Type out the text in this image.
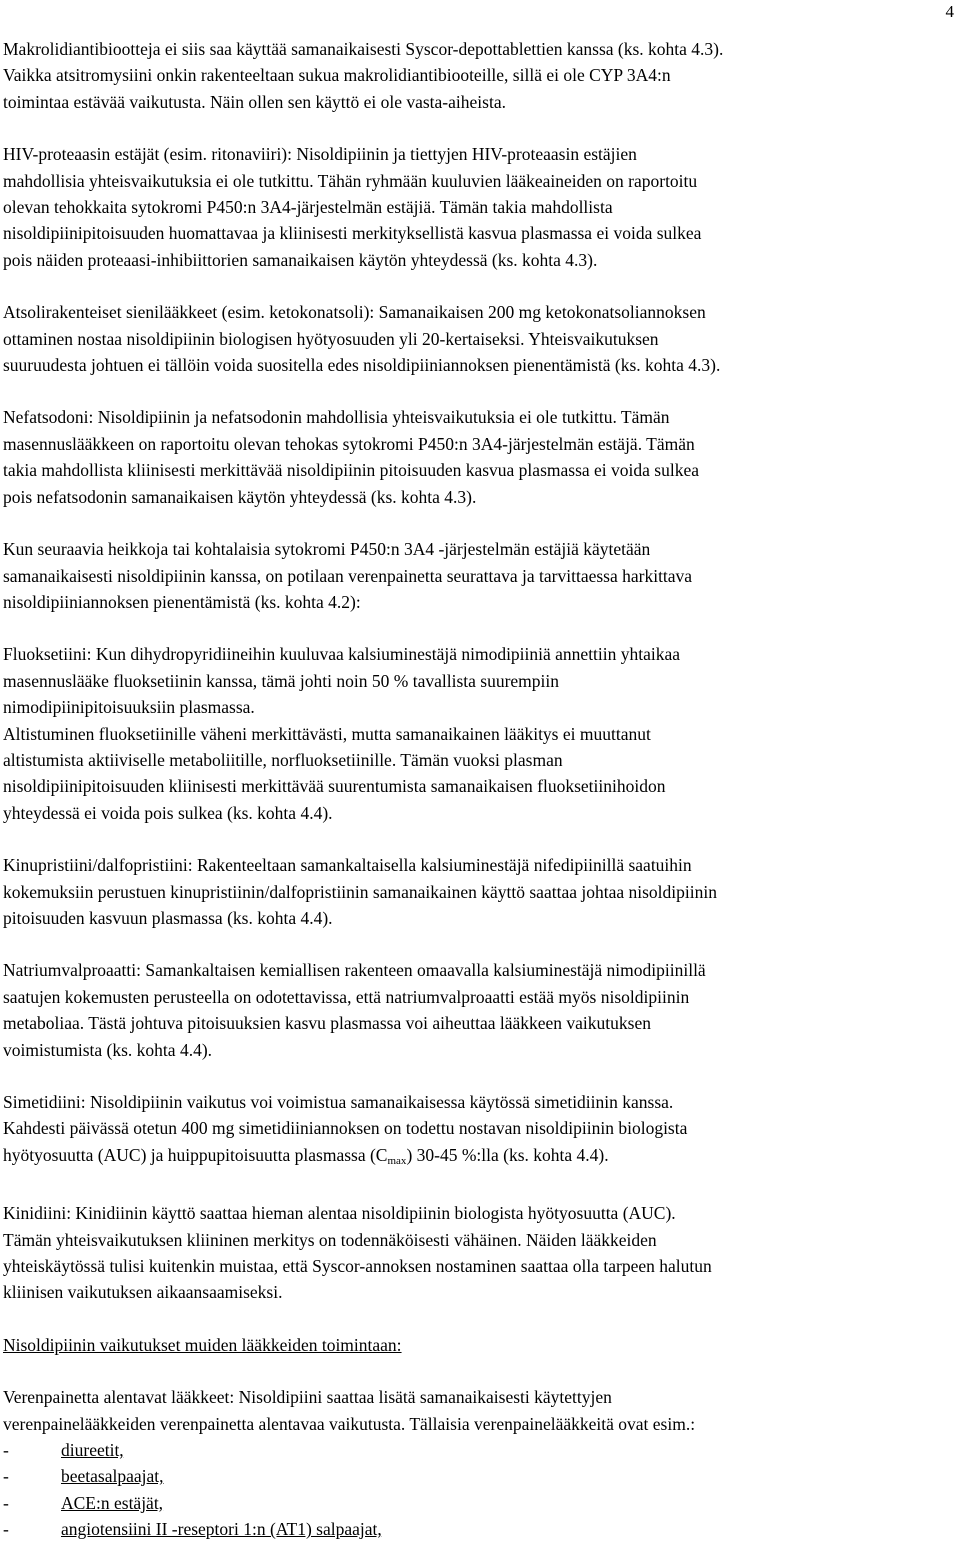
4

Makrolidiantibiootteja ei siis saa käyttää samanaikaisesti Syscor-depottablettien kanssa (ks. kohta 4.3).
Vaikka atsitromysiini onkin rakenteeltaan sukua makrolidiantibiooteille, sillä ei ole CYP 3A4:n
toimintaa estävää vaikutusta. Näin ollen sen käyttö ei ole vasta-aiheista.

HIV-proteaasin estäjät (esim. ritonaviiri): Nisoldipiinin ja tiettyjen HIV-proteaasin estäjien
mahdollisia yhteisvaikutuksia ei ole tutkittu. Tähän ryhmään kuuluvien lääkeaineiden on raportoitu
olevan tehokkaita sytokromi P450:n 3A4-järjestelmän estäjiä. Tämän takia mahdollista
nisoldipiinipitoisuuden huomattavaa ja kliinisesti merkityksellistä kasvua plasmassa ei voida sulkea
pois näiden proteaasi-inhibiittorien samanaikaisen käytön yhteydessä (ks. kohta 4.3).

Atsolirakenteiset sienilääkkeet (esim. ketokonatsoli): Samanaikaisen 200 mg ketokonatsoliannoksen
ottaminen nostaa nisoldipiinin biologisen hyötyosuuden yli 20-kertaiseksi. Yhteisvaikutuksen
suuruudesta johtuen ei tällöin voida suositella edes nisoldipiiniannoksen pienentämistä (ks. kohta 4.3).

Nefatsodoni: Nisoldipiinin ja nefatsodonin mahdollisia yhteisvaikutuksia ei ole tutkittu. Tämän
masennuslääkkeen on raportoitu olevan tehokas sytokromi P450:n 3A4-järjestelmän estäjä. Tämän
takia mahdollista kliinisesti merkittävää nisoldipiinin pitoisuuden kasvua plasmassa ei voida sulkea
pois nefatsodonin samanaikaisen käytön yhteydessä (ks. kohta 4.3).

Kun seuraavia heikkoja tai kohtalaisia sytokromi P450:n 3A4 -järjestelmän estäjiä käytetään
samanaikaisesti nisoldipiinin kanssa, on potilaan verenpainetta seurattava ja tarvittaessa harkittava
nisoldipiiniannoksen pienentämistä (ks. kohta 4.2):

Fluoksetiini: Kun dihydropyridiineihin kuuluvaa kalsiuminestäjä nimodipiiniä annettiin yhtaikaa
masennuslääke fluoksetiinin kanssa, tämä johti noin 50 % tavallista suurempiin
nimodipiinipitoisuuksiin plasmassa.

Altistuminen fluoksetiinille väheni merkittävästi, mutta samanaikainen lääkitys ei muuttanut
altistumista aktiiviselle metaboliitille, norfluoksetiinille. Tämän vuoksi plasman
nisoldipiinipitoisuuden kliinisesti merkittävää suurentumista samanaikaisen fluoksetiinihoidon
yhteydessä ei voida pois sulkea (ks. kohta 4.4).

Kinupristiini/dalfopristiini: Rakenteeltaan samankaltaisella kalsiuminestäjä nifedipiinillä saatuihin
kokemuksiin perustuen kinupristiinin/dalfopristiinin samanaikainen käyttö saattaa johtaa nisoldipiinin
pitoisuuden kasvuun plasmassa (ks. kohta 4.4).

Natriumvalproaatti: Samankaltaisen kemiallisen rakenteen omaavalla kalsiuminestäjä nimodipiinillä
saatujen kokemusten perusteella on odotettavissa, että natriumvalproaatti estää myös nisoldipiinin
metaboliaa. Tästä johtuva pitoisuuksien kasvu plasmassa voi aiheuttaa lääkkeen vaikutuksen
voimistumista (ks. kohta 4.4).

Simetidiini: Nisoldipiinin vaikutus voi voimistua samanaikaisessa käytössä simetidiinin kanssa.
Kahdesti päivässä otetun 400 mg simetidiiniannoksen on todettu nostavan nisoldipiinin biologista
hyötyosuutta (AUC) ja huippupitoisuutta plasmassa $(C_{max})$ 30-45 %:lla (ks. kohta 4.4).

Kinidiini: Kinidiinin käyttö saattaa hieman alentaa nisoldipiinin biologista hyötyosuutta (AUC).
Tämän yhteisvaikutuksen kliininen merkitys on todennäköisesti vähäinen. Näiden lääkkeiden
yhteiskäytössä tulisi kuitenkin muistaa, että Syscor-annoksen nostaminen saattaa olla tarpeen halutun
kliinisen vaikutuksen aikaansaamiseksi.

Nisoldipiinin vaikutukset muiden lääkkeiden toimintaan:

Verenpainetta alentavat lääkkeet: Nisoldipiini saattaa lisätä samanaikaisesti käytettyjen
verenpainelääkkeiden verenpainetta alentavaa vaikutusta. Tällaisia verenpainelääkkeitä ovat esim.:
-	diureetit,
-	beetasalpaajat,
-	ACE:n estäjät,
-	angiotensiini II -reseptori 1:n (AT1) salpaajat,
